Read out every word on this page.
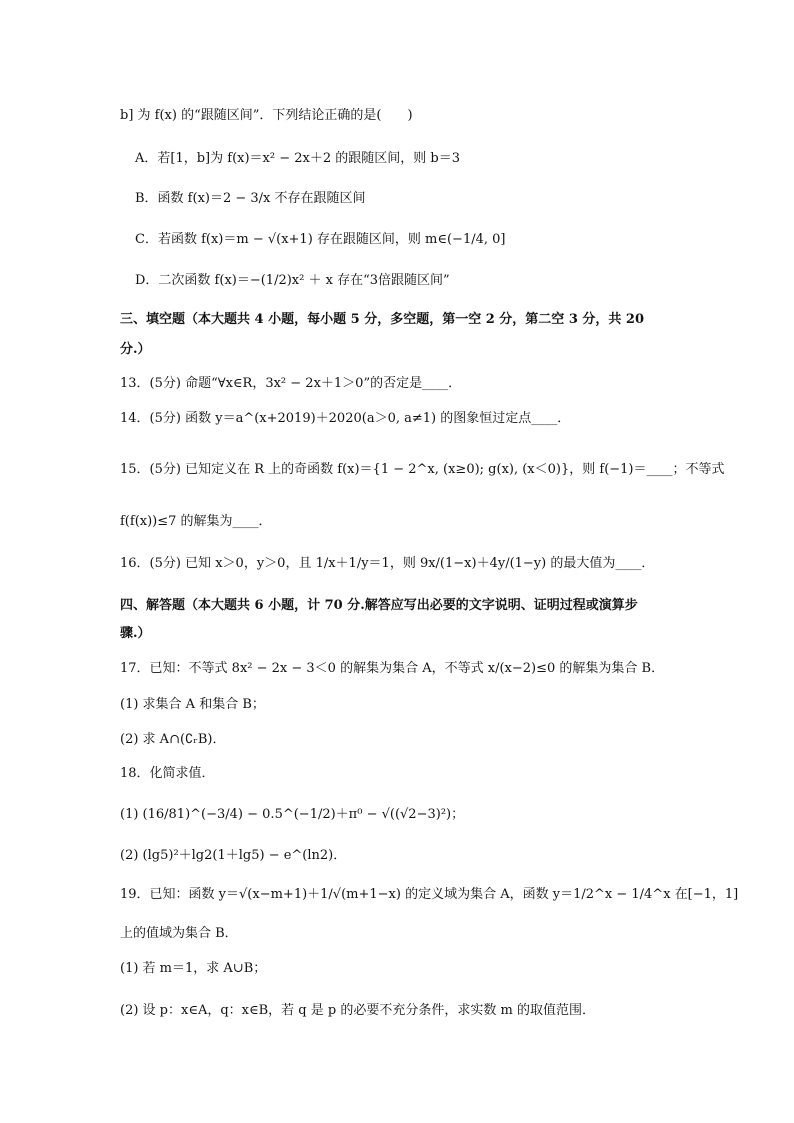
b] 为 f(x) 的“跟随区间”．下列结论正确的是(　　)
A．若[1，b]为 f(x)＝x² − 2x＋2 的跟随区间，则 b＝3
B．函数 f(x)＝2 − 3/x 不存在跟随区间
C．若函数 f(x)＝m − √(x+1) 存在跟随区间，则 m∈(−1/4, 0]
D．二次函数 f(x)＝−(1/2)x² ＋ x 存在“3倍跟随区间”
三、填空题（本大题共 4 小题，每小题 5 分，多空题，第一空 2 分，第二空 3 分，共 20
分.）
13．(5分) 命题“∀x∈R，3x² − 2x＋1＞0”的否定是____．
14．(5分) 函数 y＝a^(x+2019)＋2020(a＞0, a≠1) 的图象恒过定点____．
15．(5分) 已知定义在 R 上的奇函数 f(x)＝{1 − 2^x, (x≥0); g(x), (x＜0)}，则 f(−1)＝____；不等式
f(f(x))≤7 的解集为____．
16．(5分) 已知 x＞0，y＞0，且 1/x＋1/y＝1，则 9x/(1−x)＋4y/(1−y) 的最大值为____．
四、解答题（本大题共 6 小题，计 70 分.解答应写出必要的文字说明、证明过程或演算步
骤.）
17．已知：不等式 8x² − 2x − 3＜0 的解集为集合 A，不等式 x/(x−2)≤0 的解集为集合 B．
(1) 求集合 A 和集合 B；
(2) 求 A∩(∁ᵣB)．
18．化简求值．
(1) (16/81)^(−3/4) − 0.5^(−1/2)＋π⁰ − √((√2−3)²)；
(2) (lg5)²＋lg2(1＋lg5) − e^(ln2)．
19．已知：函数 y＝√(x−m+1)＋1/√(m+1−x) 的定义域为集合 A，函数 y＝1/2^x − 1/4^x 在[−1，1]
上的值域为集合 B．
(1) 若 m＝1，求 A∪B；
(2) 设 p：x∈A，q：x∈B，若 q 是 p 的必要不充分条件，求实数 m 的取值范围．
